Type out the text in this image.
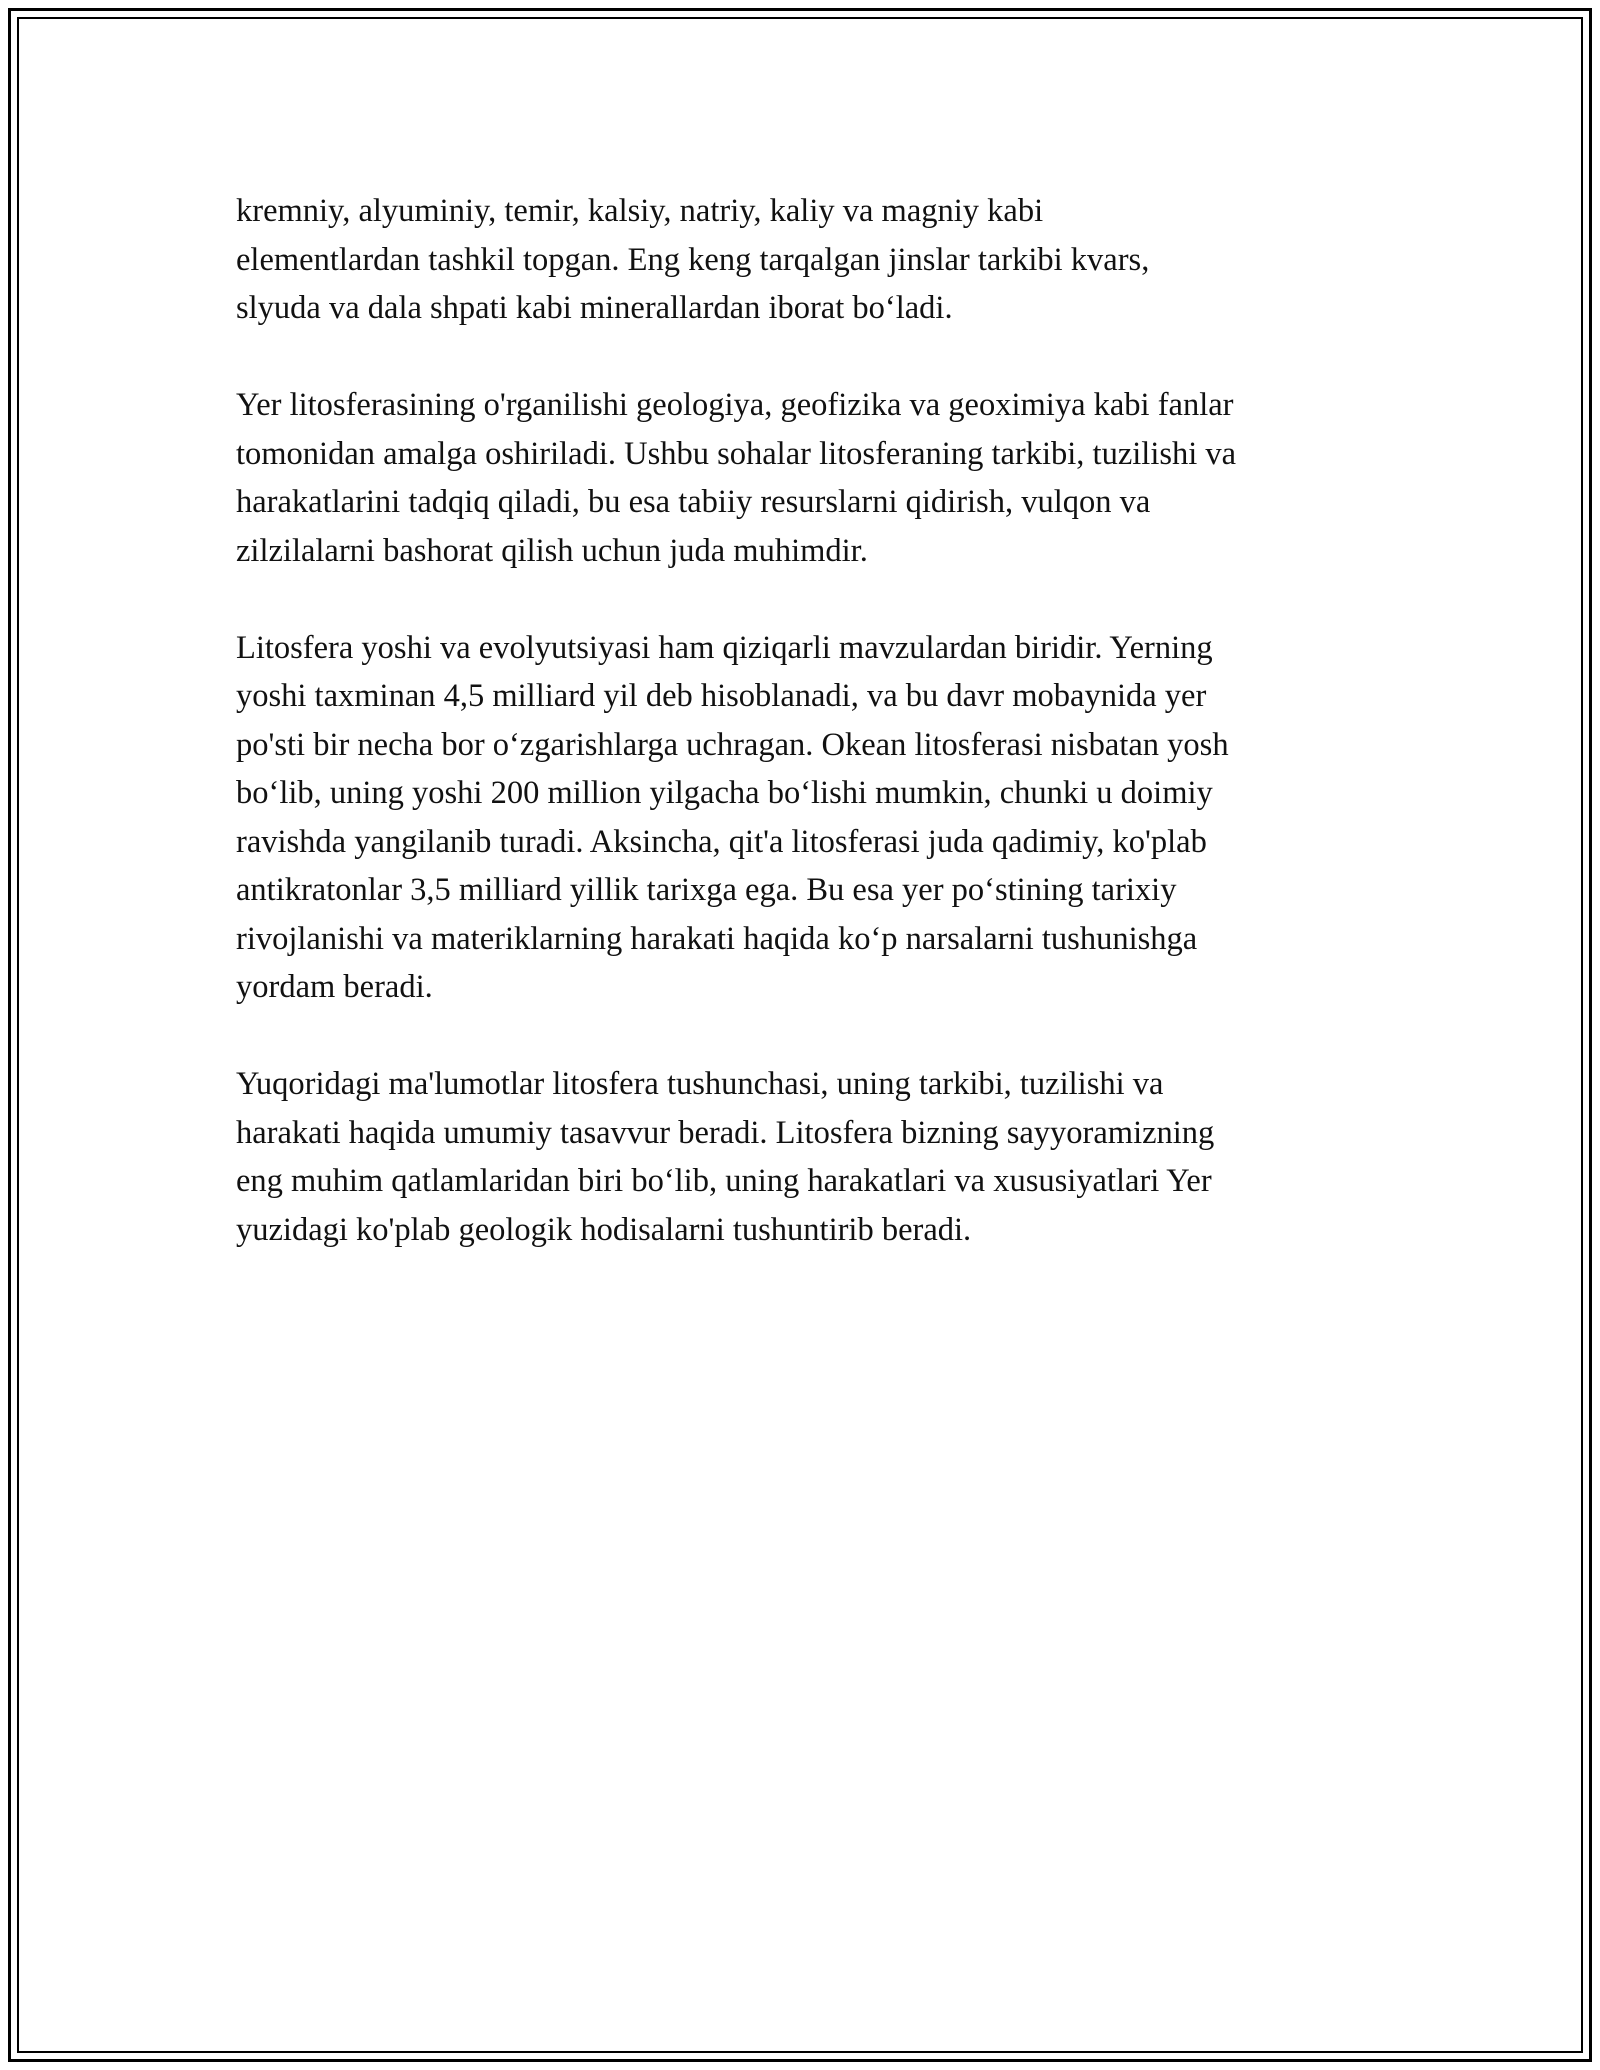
kremniy, alyuminiy, temir, kalsiy, natriy, kaliy va magniy kabi
elementlardan tashkil topgan. Eng keng tarqalgan jinslar tarkibi kvars,
slyuda va dala shpati kabi minerallardan iborat bo‘ladi.

Yer litosferasining o'rganilishi geologiya, geofizika va geoximiya kabi fanlar
tomonidan amalga oshiriladi. Ushbu sohalar litosferaning tarkibi, tuzilishi va
harakatlarini tadqiq qiladi, bu esa tabiiy resurslarni qidirish, vulqon va
zilzilalarni bashorat qilish uchun juda muhimdir.

Litosfera yoshi va evolyutsiyasi ham qiziqarli mavzulardan biridir. Yerning
yoshi taxminan 4,5 milliard yil deb hisoblanadi, va bu davr mobaynida yer
po'sti bir necha bor o‘zgarishlarga uchragan. Okean litosferasi nisbatan yosh
bo‘lib, uning yoshi 200 million yilgacha bo‘lishi mumkin, chunki u doimiy
ravishda yangilanib turadi. Aksincha, qit'a litosferasi juda qadimiy, ko'plab
antikratonlar 3,5 milliard yillik tarixga ega. Bu esa yer po‘stining tarixiy
rivojlanishi va materiklarning harakati haqida ko‘p narsalarni tushunishga
yordam beradi.

Yuqoridagi ma'lumotlar litosfera tushunchasi, uning tarkibi, tuzilishi va
harakati haqida umumiy tasavvur beradi. Litosfera bizning sayyoramizning
eng muhim qatlamlaridan biri bo‘lib, uning harakatlari va xususiyatlari Yer
yuzidagi ko'plab geologik hodisalarni tushuntirib beradi.
